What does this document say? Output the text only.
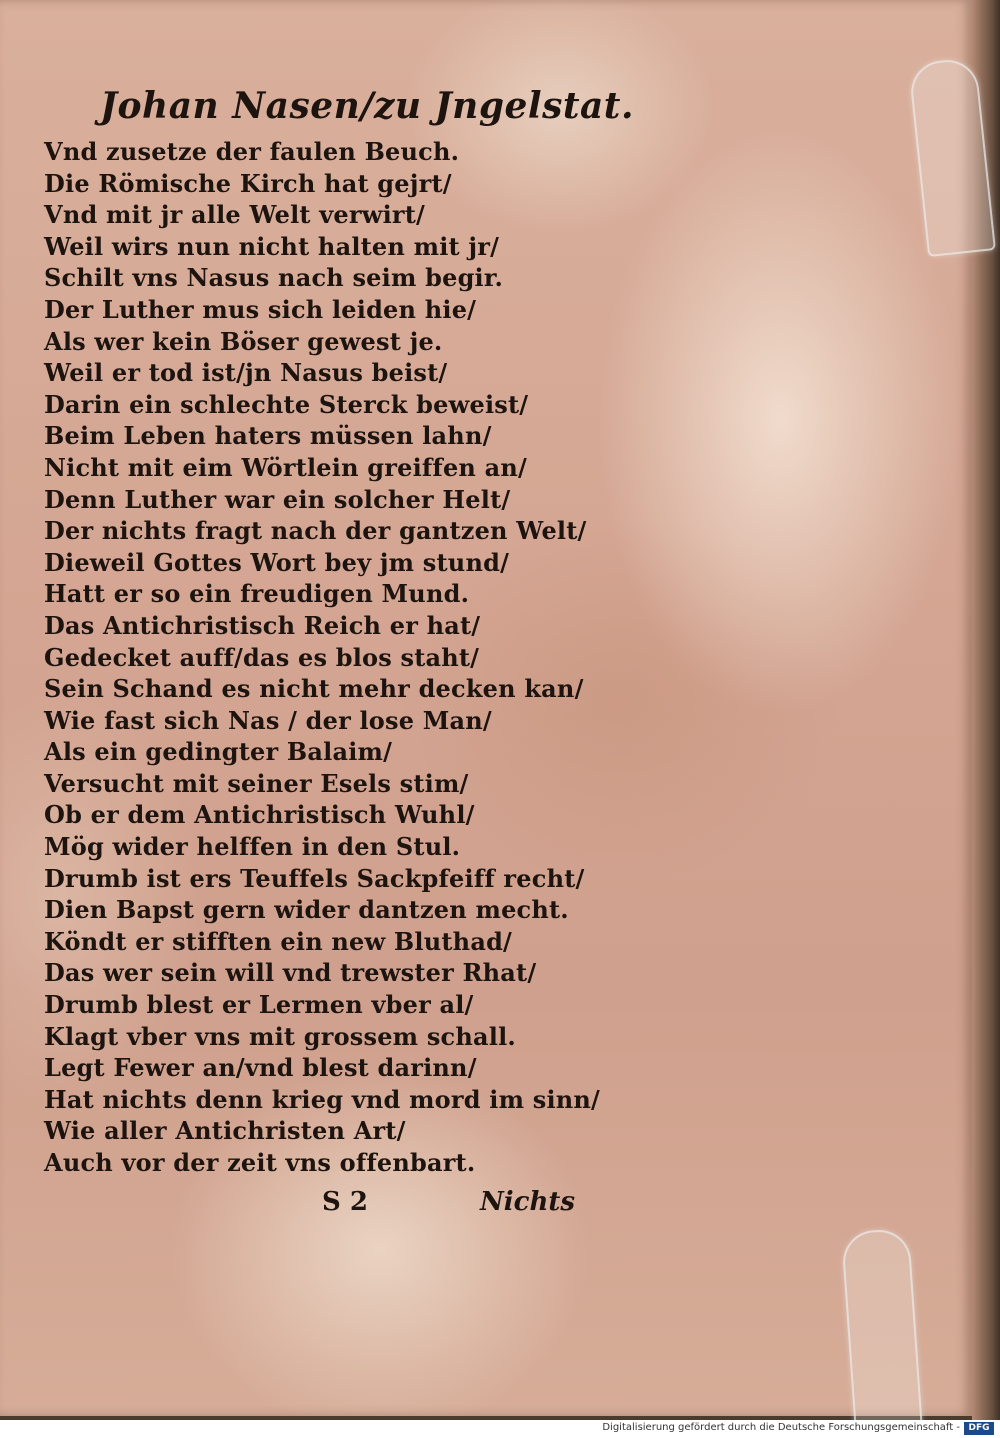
Johan Nasen/zu Jngelstat.
Vnd zusetze der faulen Beuch.
Die Römische Kirch hat gejrt/
Vnd mit jr alle Welt verwirt/
Weil wirs nun nicht halten mit jr/
Schilt vns Nasus nach seim begir.
Der Luther mus sich leiden hie/
Als wer kein Böser gewest je.
Weil er tod ist/jn Nasus beist/
Darin ein schlechte Sterck beweist/
Beim Leben haters müssen lahn/
Nicht mit eim Wörtlein greiffen an/
Denn Luther war ein solcher Helt/
Der nichts fragt nach der gantzen Welt/
Dieweil Gottes Wort bey jm stund/
Hatt er so ein freudigen Mund.
Das Antichristisch Reich er hat/
Gedecket auff/das es blos staht/
Sein Schand es nicht mehr decken kan/
Wie fast sich Nas / der lose Man/
Als ein gedingter Balaim/
Versucht mit seiner Esels stim/
Ob er dem Antichristisch Wuhl/
Mög wider helffen in den Stul.
Drumb ist ers Teuffels Sackpfeiff recht/
Dien Bapst gern wider dantzen mecht.
Köndt er stifften ein new Bluthad/
Das wer sein will vnd trewster Rhat/
Drumb blest er Lermen vber al/
Klagt vber vns mit grossem schall.
Legt Fewer an/vnd blest darinn/
Hat nichts denn krieg vnd mord im sinn/
Wie aller Antichristen Art/
Auch vor der zeit vns offenbart.
S 2	Nichts
Digitalisierung gefördert durch die Deutsche Forschungsgemeinschaft - DFG
